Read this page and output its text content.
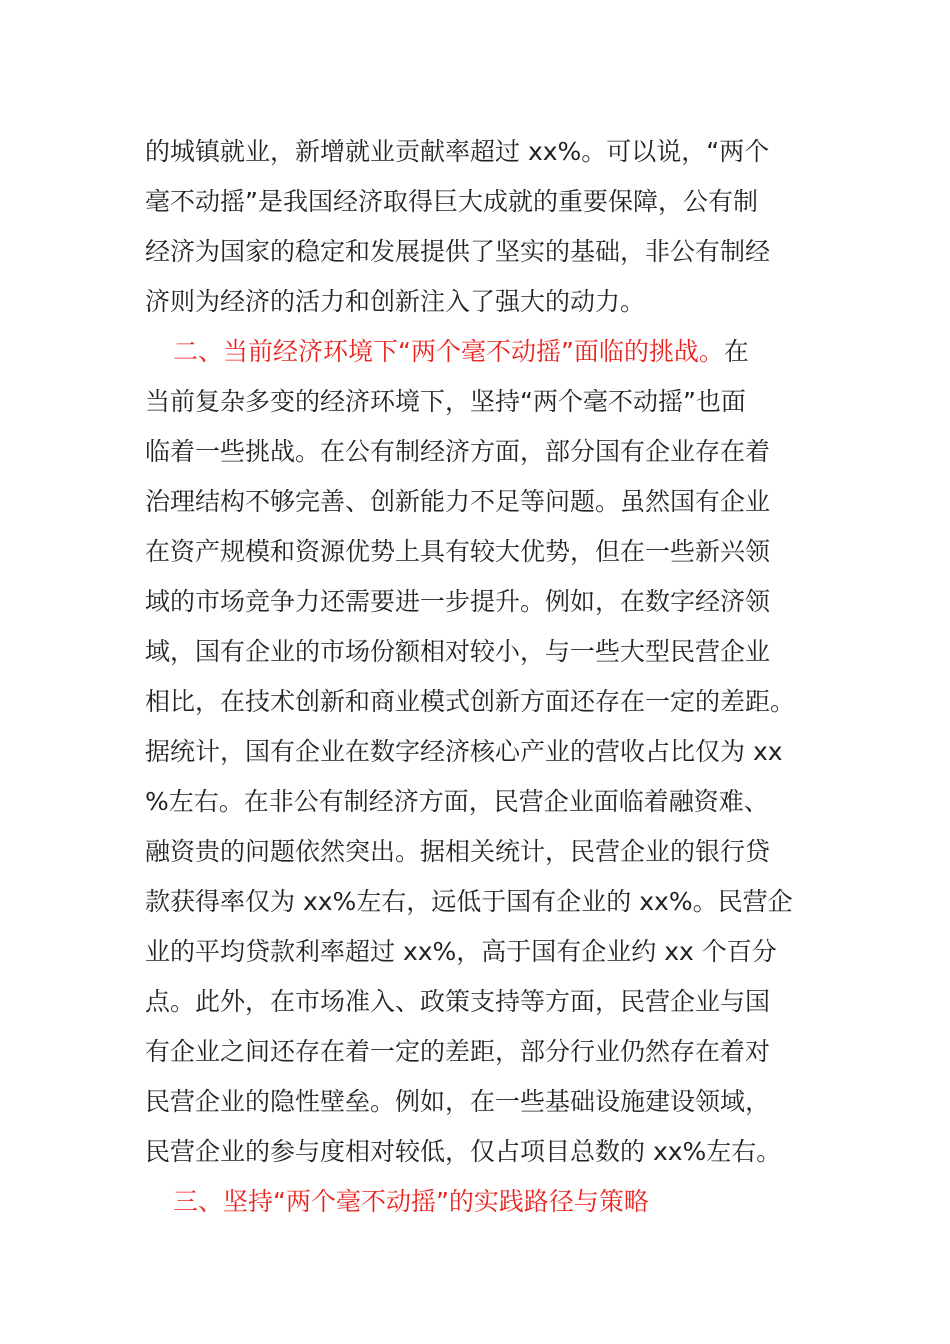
的城镇就业，新增就业贡献率超过 xx%。可以说，“两个
毫不动摇”是我国经济取得巨大成就的重要保障，公有制
经济为国家的稳定和发展提供了坚实的基础，非公有制经
济则为经济的活力和创新注入了强大的动力。
二、当前经济环境下“两个毫不动摇”面临的挑战。在
当前复杂多变的经济环境下，坚持“两个毫不动摇”也面
临着一些挑战。在公有制经济方面，部分国有企业存在着
治理结构不够完善、创新能力不足等问题。虽然国有企业
在资产规模和资源优势上具有较大优势，但在一些新兴领
域的市场竞争力还需要进一步提升。例如，在数字经济领
域，国有企业的市场份额相对较小，与一些大型民营企业
相比，在技术创新和商业模式创新方面还存在一定的差距。
据统计，国有企业在数字经济核心产业的营收占比仅为 xx
%左右。在非公有制经济方面，民营企业面临着融资难、
融资贵的问题依然突出。据相关统计，民营企业的银行贷
款获得率仅为 xx%左右，远低于国有企业的 xx%。民营企
业的平均贷款利率超过 xx%，高于国有企业约 xx 个百分
点。此外，在市场准入、政策支持等方面，民营企业与国
有企业之间还存在着一定的差距，部分行业仍然存在着对
民营企业的隐性壁垒。例如，在一些基础设施建设领域，
民营企业的参与度相对较低，仅占项目总数的 xx%左右。
三、坚持“两个毫不动摇”的实践路径与策略
